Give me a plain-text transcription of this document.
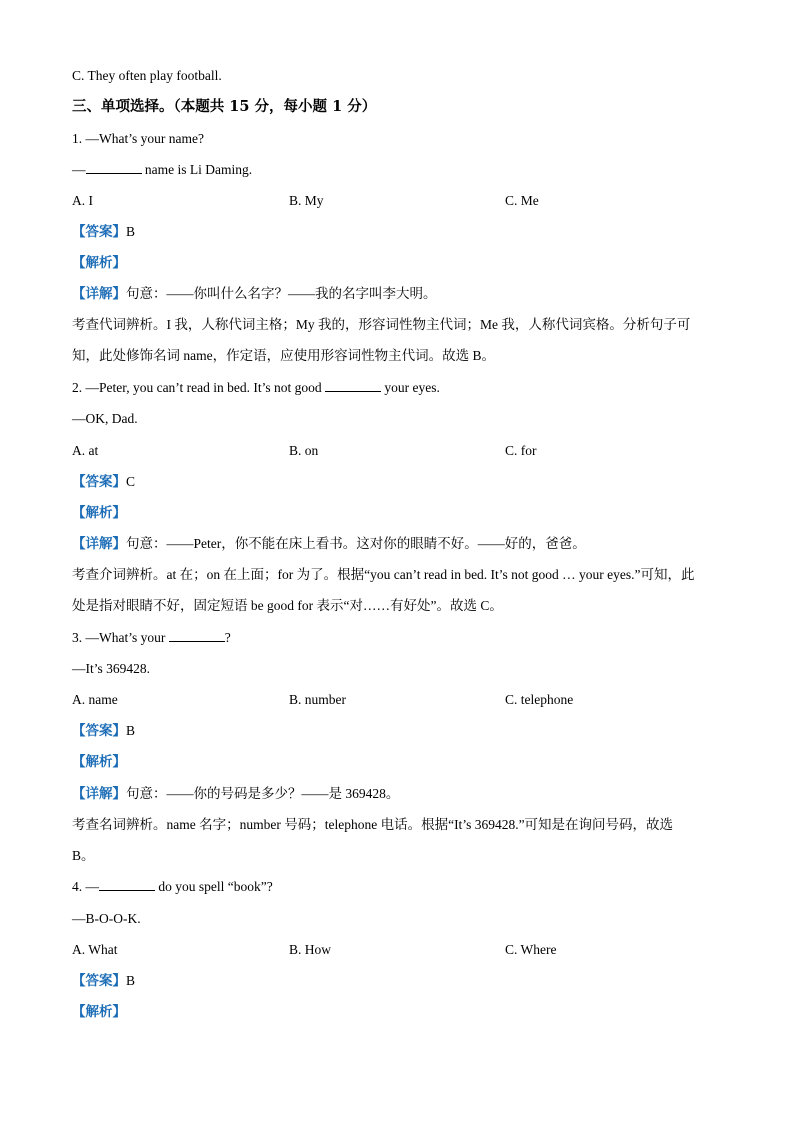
C. They often play football.
三、单项选择。（本题共 15 分，每小题 1 分）
1. —What’s your name?
—	name is Li Daming.
A. I	B. My	C. Me
【答案】B
【解析】
【详解】句意：——你叫什么名字？——我的名字叫李大明。
考查代词辨析。I 我，人称代词主格；My 我的，形容词性物主代词；Me 我，人称代词宾格。分析句子可
知，此处修饰名词 name，作定语，应使用形容词性物主代词。故选 B。
2. —Peter, you can’t read in bed. It’s not good	your eyes.
—OK, Dad.
A. at	B. on	C. for
【答案】C
【解析】
【详解】句意：——Peter，你不能在床上看书。这对你的眼睛不好。——好的，爸爸。
考查介词辨析。at 在；on 在上面；for 为了。根据“you can’t read in bed. It’s not good … your eyes.”可知，此
处是指对眼睛不好，固定短语 be good for 表示“对……有好处”。故选 C。
3. —What’s your	?
—It’s 369428.
A. name	B. number	C. telephone
【答案】B
【解析】
【详解】句意：——你的号码是多少？——是 369428。
考查名词辨析。name 名字；number 号码；telephone 电话。根据“It’s 369428.”可知是在询问号码，故选
B。
4. —	do you spell “book”?
—B-O-O-K.
A. What	B. How	C. Where
【答案】B
【解析】
